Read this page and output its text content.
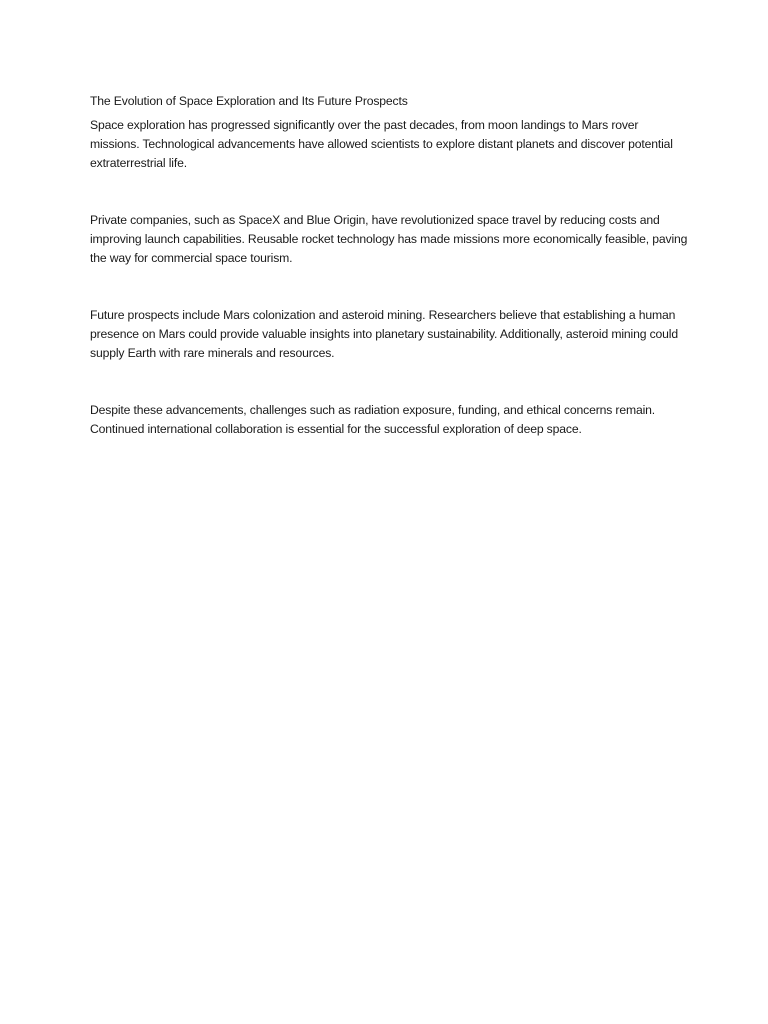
The Evolution of Space Exploration and Its Future Prospects

Space exploration has progressed significantly over the past decades, from moon landings to Mars rover missions. Technological advancements have allowed scientists to explore distant planets and discover potential extraterrestrial life.

Private companies, such as SpaceX and Blue Origin, have revolutionized space travel by reducing costs and improving launch capabilities. Reusable rocket technology has made missions more economically feasible, paving the way for commercial space tourism.

Future prospects include Mars colonization and asteroid mining. Researchers believe that establishing a human presence on Mars could provide valuable insights into planetary sustainability. Additionally, asteroid mining could supply Earth with rare minerals and resources.

Despite these advancements, challenges such as radiation exposure, funding, and ethical concerns remain. Continued international collaboration is essential for the successful exploration of deep space.
